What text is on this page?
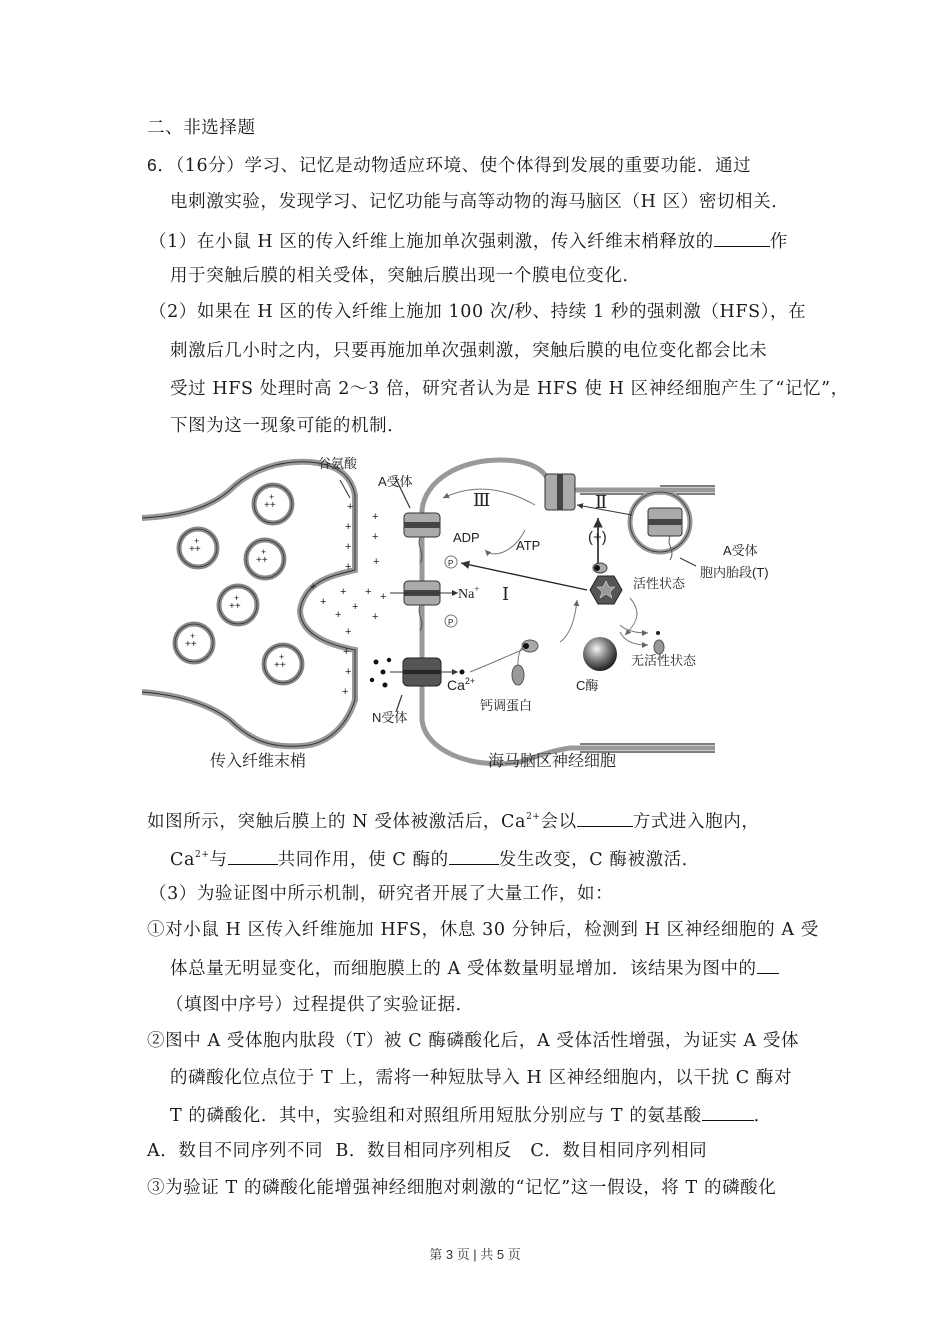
二、非选择题
6．（16分）学习、记忆是动物适应环境、使个体得到发展的重要功能．通过
电刺激实验，发现学习、记忆功能与高等动物的海马脑区（H 区）密切相关．
（1）在小鼠 H 区的传入纤维上施加单次强刺激，传入纤维末梢释放的	作
用于突触后膜的相关受体，突触后膜出现一个膜电位变化．
（2）如果在 H 区的传入纤维上施加 100 次/秒、持续 1 秒的强刺激（HFS），在
刺激后几小时之内，只要再施加单次强刺激，突触后膜的电位变化都会比未
受过 HFS 处理时高 2～3 倍，研究者认为是 HFS 使 H 区神经细胞产生了“记忆”，
下图为这一现象可能的机制．
++
+
++
+
++
+
++
+
++
+
++
+
+
+
+
+
+
+
+
+ + +
+ +
+
+	+
+
+
+
+
P
P
谷氨酸
A受体
Ⅲ	Ⅱ
Ⅰ
ADP
ATP	(+)
Na+
$Ca^{2+}$
活性状态
无活性状态
C酶
钙调蛋白
N受体
A受体
胞内胎段(T)
传入纤维末梢	海马脑区神经细胞
如图所示，突触后膜上的 N 受体被激活后，$Ca^{2+}$会以	方式进入胞内，
$Ca^{2+}$与	共同作用，使 C 酶的	发生改变，C 酶被激活．
（3）为验证图中所示机制，研究者开展了大量工作，如：
①对小鼠 H 区传入纤维施加 HFS，休息 30 分钟后，检测到 H 区神经细胞的 A 受
体总量无明显变化，而细胞膜上的 A 受体数量明显增加．该结果为图中的
（填图中序号）过程提供了实验证据．
②图中 A 受体胞内肽段（T）被 C 酶磷酸化后，A 受体活性增强，为证实 A 受体
的磷酸化位点位于 T 上，需将一种短肽导入 H 区神经细胞内，以干扰 C 酶对
T 的磷酸化．其中，实验组和对照组所用短肽分别应与 T 的氨基酸	．
A．数目不同序列不同 B．数目相同序列相反 C．数目相同序列相同
③为验证 T 的磷酸化能增强神经细胞对刺激的“记忆”这一假设，将 T 的磷酸化
第 3 页 | 共 5 页
